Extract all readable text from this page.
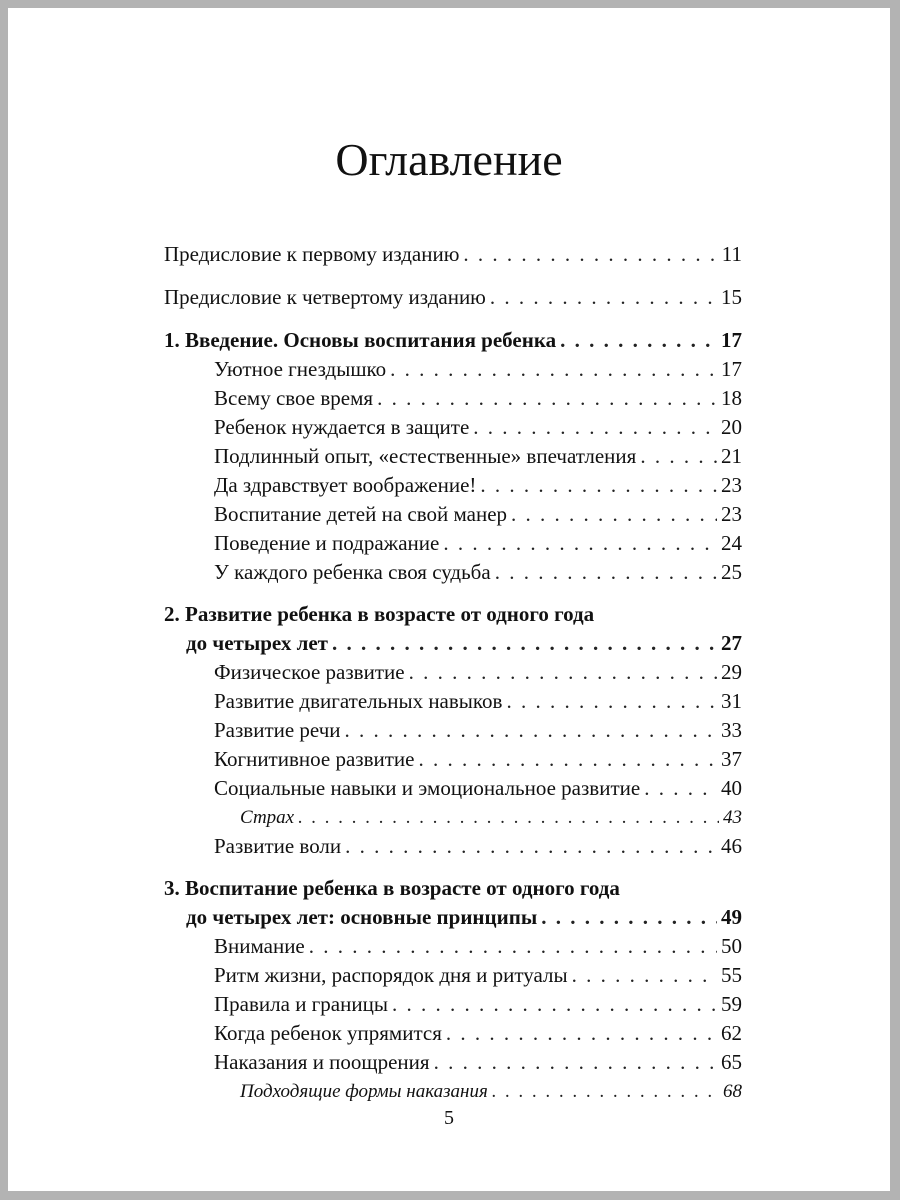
Оглавление
Предисловие к первому изданию . . .	11
Предисловие к четвертому изданию . . .	15
1. Введение. Основы воспитания ребенка . . .	17
Уютное гнездышко . . .	17
Всему свое время . . .	18
Ребенок нуждается в защите . . .	20
Подлинный опыт, «естественные» впечатления . . .	21
Да здравствует воображение! . . .	23
Воспитание детей на свой манер . . .	23
Поведение и подражание . . .	24
У каждого ребенка своя судьба . . .	25
2. Развитие ребенка в возрасте от одного года
до четырех лет . . .	27
Физическое развитие . . .	29
Развитие двигательных навыков . . .	31
Развитие речи . . .	33
Когнитивное развитие . . .	37
Социальные навыки и эмоциональное развитие . . .	40
Страх . . .	43
Развитие воли . . .	46
3. Воспитание ребенка в возрасте от одного года
до четырех лет: основные принципы . . .	49
Внимание . . .	50
Ритм жизни, распорядок дня и ритуалы . . .	55
Правила и границы . . .	59
Когда ребенок упрямится . . .	62
Наказания и поощрения . . .	65
Подходящие формы наказания . . .	68
5
